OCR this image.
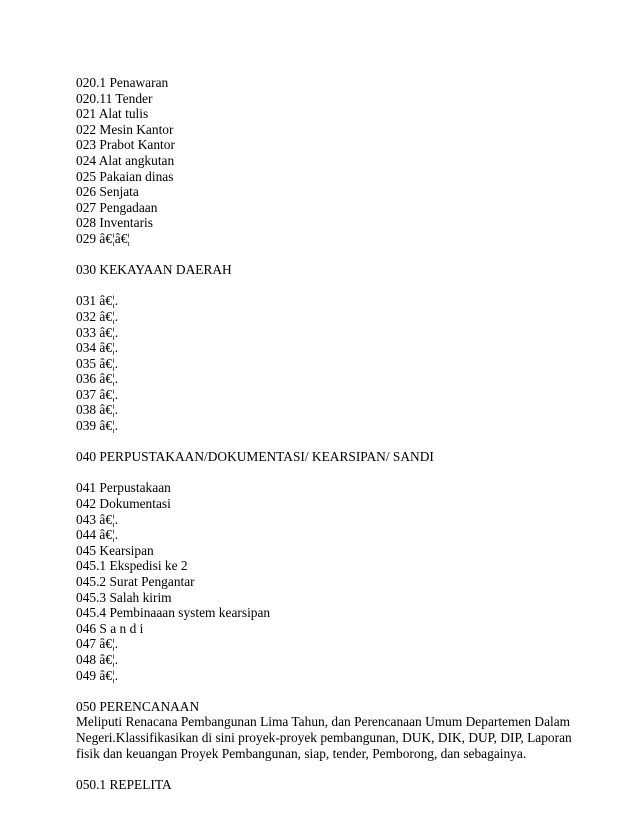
020.1 Penawaran
020.11 Tender
021 Alat tulis
022 Mesin Kantor
023 Prabot Kantor
024 Alat angkutan
025 Pakaian dinas
026 Senjata
027 Pengadaan
028 Inventaris
029 â€¦â€¦
030 KEKAYAAN DAERAH
031 â€¦.
032 â€¦.
033 â€¦.
034 â€¦.
035 â€¦.
036 â€¦.
037 â€¦.
038 â€¦.
039 â€¦.
040 PERPUSTAKAAN/DOKUMENTASI/ KEARSIPAN/ SANDI
041 Perpustakaan
042 Dokumentasi
043 â€¦.
044 â€¦.
045 Kearsipan
045.1 Ekspedisi ke 2
045.2 Surat Pengantar
045.3 Salah kirim
045.4 Pembinaaan system kearsipan
046 S a n d i
047 â€¦.
048 â€¦.
049 â€¦.
050 PERENCANAAN
Meliputi Renacana Pembangunan Lima Tahun, dan Perencanaan Umum Departemen Dalam
Negeri.Klassifikasikan di sini proyek-proyek pembangunan, DUK, DIK, DUP, DIP, Laporan
fisik dan keuangan Proyek Pembangunan, siap, tender, Pemborong, dan sebagainya.
050.1 REPELITA
